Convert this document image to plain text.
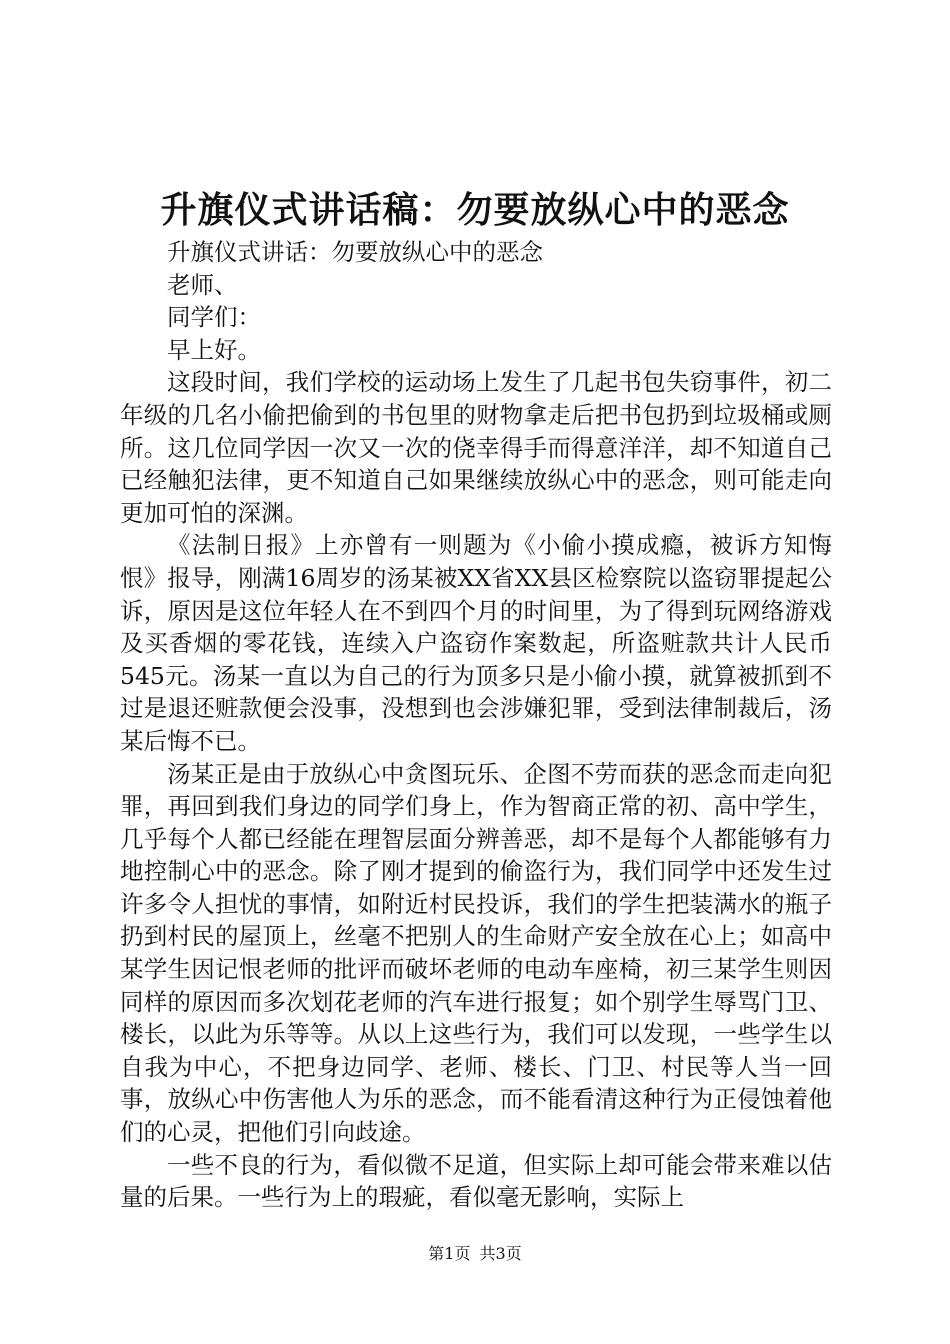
升旗仪式讲话稿：勿要放纵心中的恶念

升旗仪式讲话：勿要放纵心中的恶念

老师、

同学们：

早上好。

这段时间，我们学校的运动场上发生了几起书包失窃事件，初二年级的几名小偷把偷到的书包里的财物拿走后把书包扔到垃圾桶或厕所。这几位同学因一次又一次的侥幸得手而得意洋洋，却不知道自己已经触犯法律，更不知道自己如果继续放纵心中的恶念，则可能走向更加可怕的深渊。

《法制日报》上亦曾有一则题为《小偷小摸成瘾，被诉方知悔恨》报导，刚满16周岁的汤某被XX省XX县区检察院以盗窃罪提起公诉，原因是这位年轻人在不到四个月的时间里，为了得到玩网络游戏及买香烟的零花钱，连续入户盗窃作案数起，所盗赃款共计人民币545元。汤某一直以为自己的行为顶多只是小偷小摸，就算被抓到不过是退还赃款便会没事，没想到也会涉嫌犯罪，受到法律制裁后，汤某后悔不已。

汤某正是由于放纵心中贪图玩乐、企图不劳而获的恶念而走向犯罪，再回到我们身边的同学们身上，作为智商正常的初、高中学生，几乎每个人都已经能在理智层面分辨善恶，却不是每个人都能够有力地控制心中的恶念。除了刚才提到的偷盗行为，我们同学中还发生过许多令人担忧的事情，如附近村民投诉，我们的学生把装满水的瓶子扔到村民的屋顶上，丝毫不把别人的生命财产安全放在心上；如高中某学生因记恨老师的批评而破坏老师的电动车座椅，初三某学生则因同样的原因而多次划花老师的汽车进行报复；如个别学生辱骂门卫、楼长，以此为乐等等。从以上这些行为，我们可以发现，一些学生以自我为中心，不把身边同学、老师、楼长、门卫、村民等人当一回事，放纵心中伤害他人为乐的恶念，而不能看清这种行为正侵蚀着他们的心灵，把他们引向歧途。

一些不良的行为，看似微不足道，但实际上却可能会带来难以估量的后果。一些行为上的瑕疵，看似毫无影响，实际上

第1页 共3页
